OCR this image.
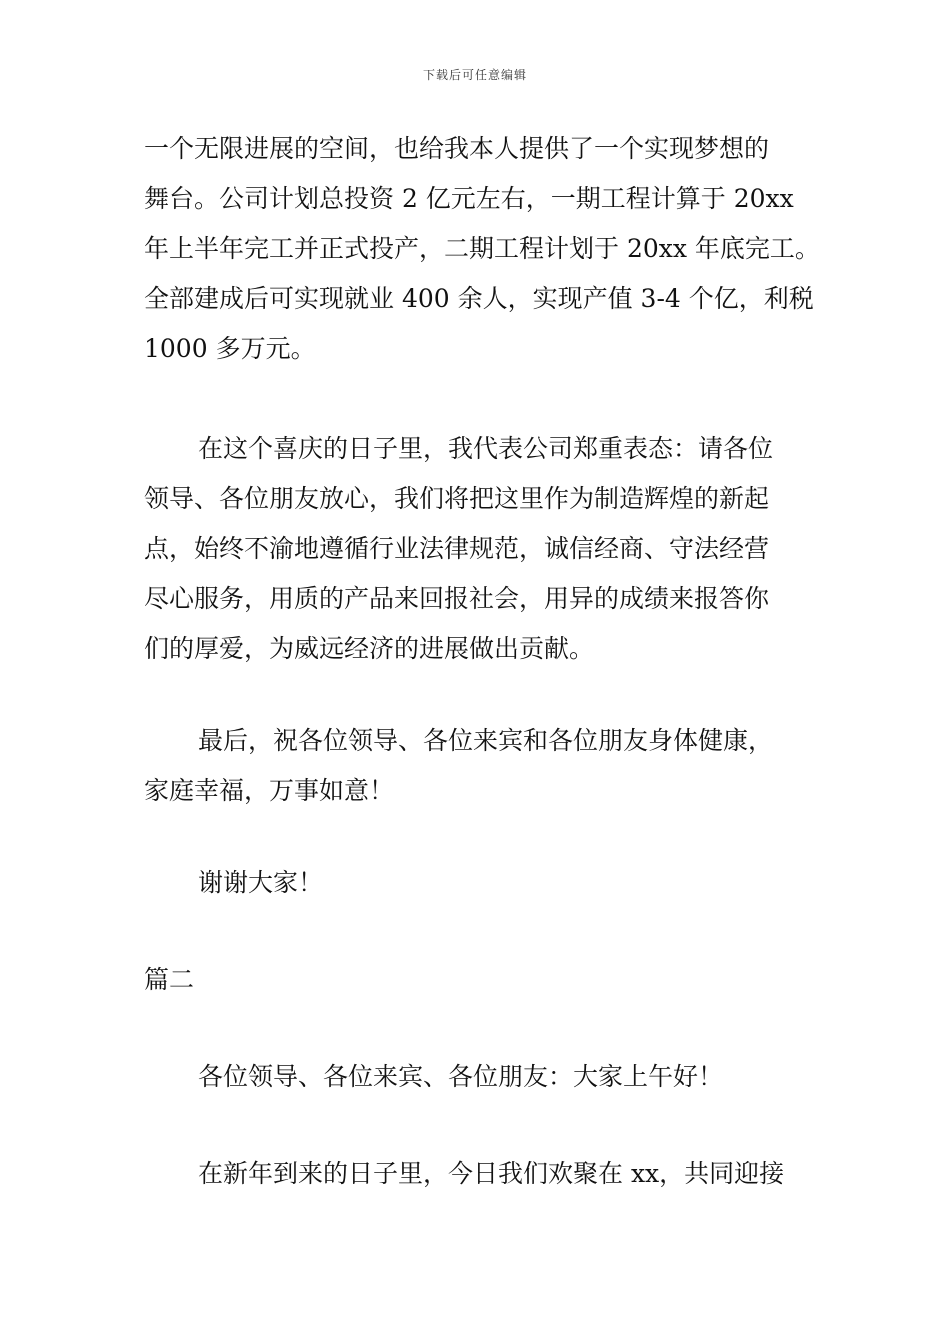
下载后可任意编辑
一个无限进展的空间，也给我本人提供了一个实现梦想的
舞台。公司计划总投资 2 亿元左右，一期工程计算于 20xx
年上半年完工并正式投产，二期工程计划于 20xx 年底完工。
全部建成后可实现就业 400 余人，实现产值 3-4 个亿，利税
1000 多万元。
在这个喜庆的日子里，我代表公司郑重表态：请各位
领导、各位朋友放心，我们将把这里作为制造辉煌的新起
点，始终不渝地遵循行业法律规范，诚信经商、守法经营
尽心服务，用质的产品来回报社会，用异的成绩来报答你
们的厚爱，为威远经济的进展做出贡献。
最后，祝各位领导、各位来宾和各位朋友身体健康，
家庭幸福，万事如意！
谢谢大家！
篇二
各位领导、各位来宾、各位朋友：大家上午好！
在新年到来的日子里，今日我们欢聚在 xx，共同迎接
